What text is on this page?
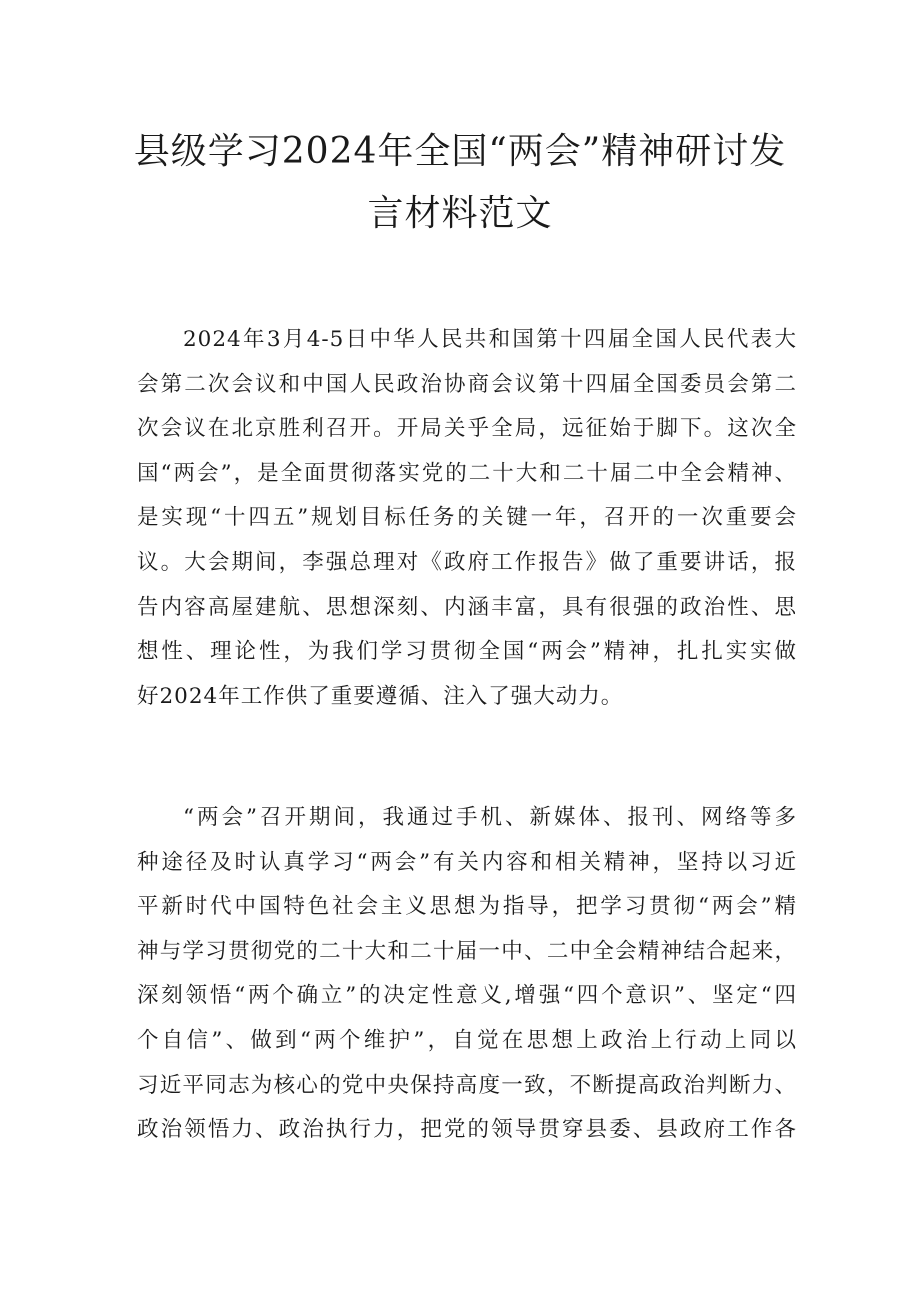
县级学习2024年全国“两会”精神研讨发
言材料范文
2024年3月4-5日中华人民共和国第十四届全国人民代表大
会第二次会议和中国人民政治协商会议第十四届全国委员会第二
次会议在北京胜利召开。开局关乎全局，远征始于脚下。这次全
国“两会”，是全面贯彻落实党的二十大和二十届二中全会精神、
是实现“十四五”规划目标任务的关键一年，召开的一次重要会
议。大会期间，李强总理对《政府工作报告》做了重要讲话，报
告内容高屋建航、思想深刻、内涵丰富，具有很强的政治性、思
想性、理论性，为我们学习贯彻全国“两会”精神，扎扎实实做
好2024年工作供了重要遵循、注入了强大动力。
“两会”召开期间，我通过手机、新媒体、报刊、网络等多
种途径及时认真学习“两会”有关内容和相关精神，坚持以习近
平新时代中国特色社会主义思想为指导，把学习贯彻“两会”精
神与学习贯彻党的二十大和二十届一中、二中全会精神结合起来，
深刻领悟“两个确立”的决定性意义,增强“四个意识”、坚定“四
个自信”、做到“两个维护”，自觉在思想上政治上行动上同以
习近平同志为核心的党中央保持高度一致，不断提高政治判断力、
政治领悟力、政治执行力，把党的领导贯穿县委、县政府工作各
